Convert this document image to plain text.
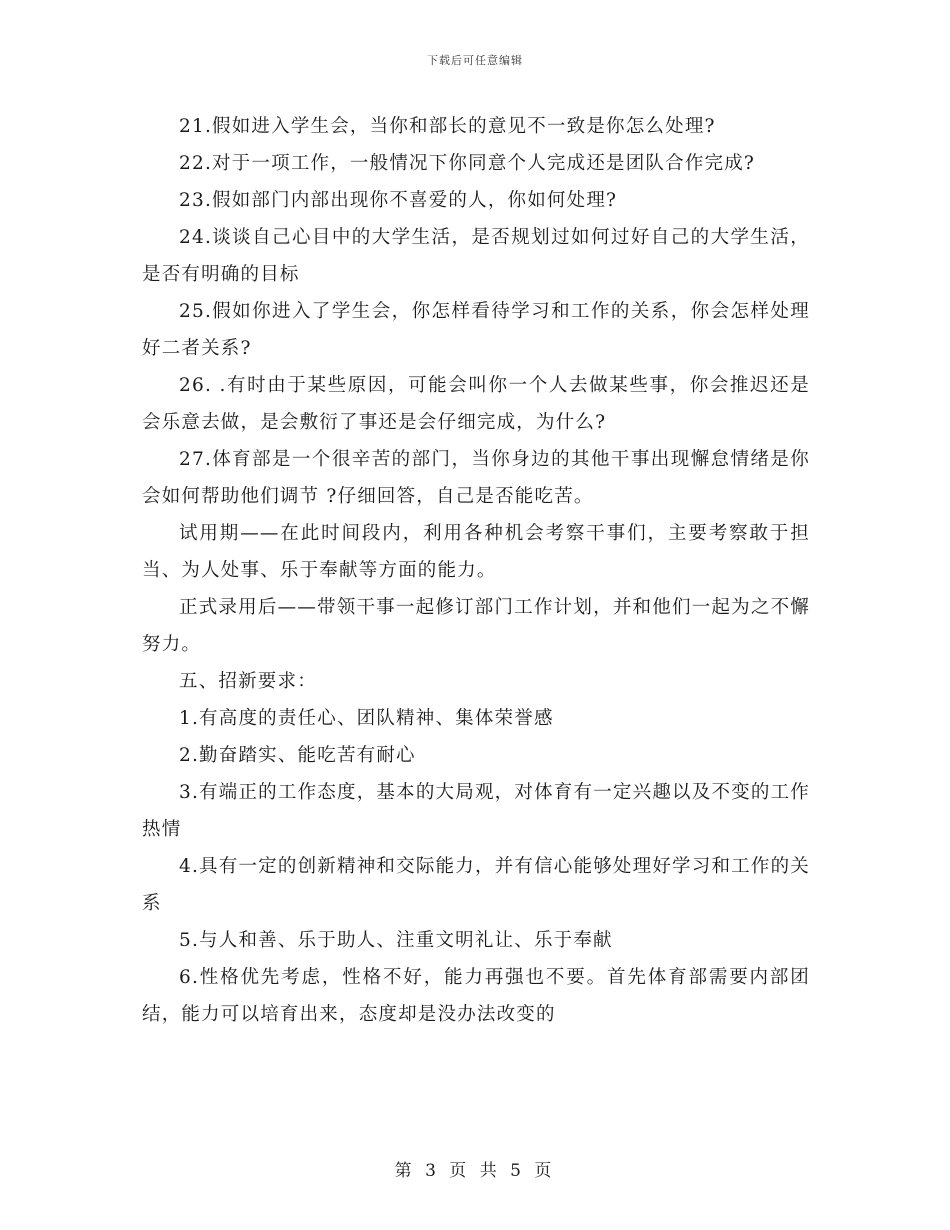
下载后可任意编辑

21.假如进入学生会，当你和部长的意见不一致是你怎么处理?

22.对于一项工作，一般情况下你同意个人完成还是团队合作完成?

23.假如部门内部出现你不喜爱的人，你如何处理?

24.谈谈自己心目中的大学生活，是否规划过如何过好自己的大学生活，是否有明确的目标

25.假如你进入了学生会，你怎样看待学习和工作的关系，你会怎样处理好二者关系?

26. .有时由于某些原因，可能会叫你一个人去做某些事，你会推迟还是会乐意去做，是会敷衍了事还是会仔细完成，为什么?

27.体育部是一个很辛苦的部门，当你身边的其他干事出现懈怠情绪是你会如何帮助他们调节 ?仔细回答，自己是否能吃苦。

试用期——在此时间段内，利用各种机会考察干事们，主要考察敢于担当、为人处事、乐于奉献等方面的能力。

正式录用后——带领干事一起修订部门工作计划，并和他们一起为之不懈努力。

五、招新要求：

1.有高度的责任心、团队精神、集体荣誉感

2.勤奋踏实、能吃苦有耐心

3.有端正的工作态度，基本的大局观，对体育有一定兴趣以及不变的工作热情

4.具有一定的创新精神和交际能力，并有信心能够处理好学习和工作的关系

5.与人和善、乐于助人、注重文明礼让、乐于奉献

6.性格优先考虑，性格不好，能力再强也不要。首先体育部需要内部团结，能力可以培育出来，态度却是没办法改变的

第 3 页 共 5 页
